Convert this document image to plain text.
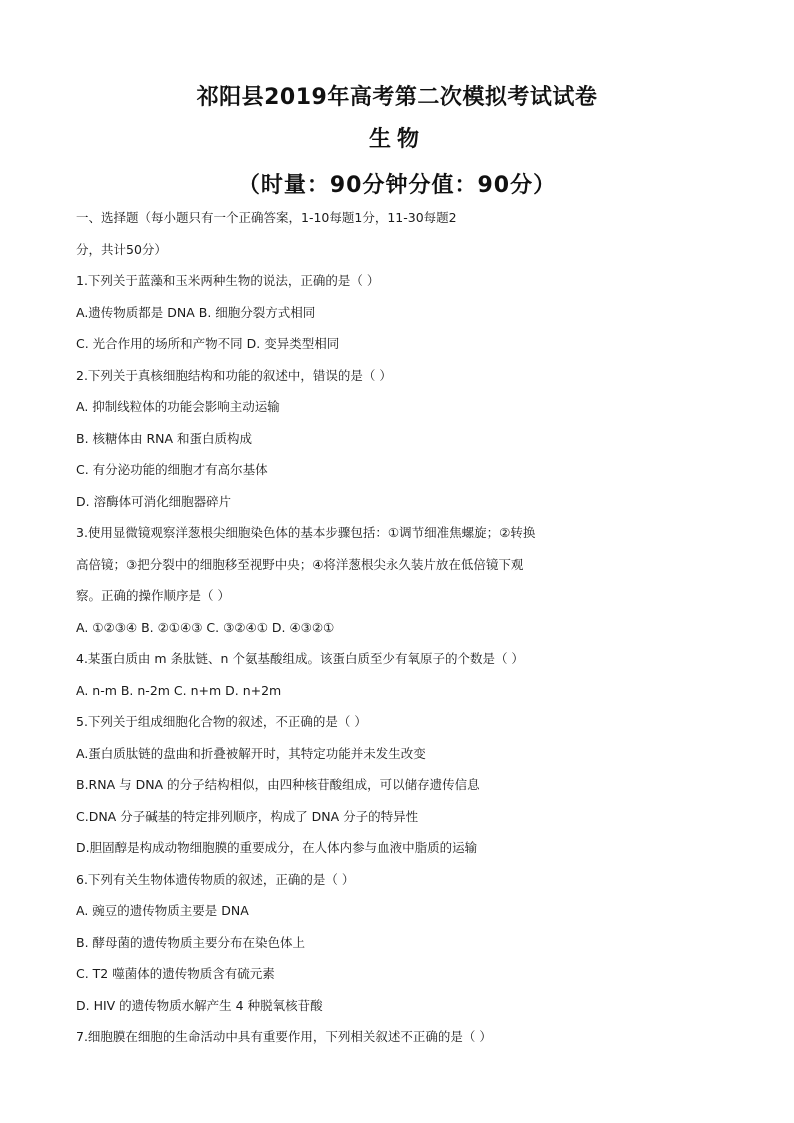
祁阳县2019年高考第二次模拟考试试卷
生物
（时量：90分钟分值：90分）
一、选择题（每小题只有一个正确答案，1-10每题1分，11-30每题2
分，共计50分）
1.下列关于蓝藻和玉米两种生物的说法，正确的是（ ）
A.遗传物质都是 DNA B. 细胞分裂方式相同
C. 光合作用的场所和产物不同 D. 变异类型相同
2.下列关于真核细胞结构和功能的叙述中，错误的是（ ）
A. 抑制线粒体的功能会影响主动运输
B. 核糖体由 RNA 和蛋白质构成
C. 有分泌功能的细胞才有高尔基体
D. 溶酶体可消化细胞器碎片
3.使用显微镜观察洋葱根尖细胞染色体的基本步骤包括：①调节细准焦螺旋；②转换
高倍镜；③把分裂中的细胞移至视野中央；④将洋葱根尖永久装片放在低倍镜下观
察。正确的操作顺序是（ ）
A. ①②③④ B. ②①④③ C. ③②④① D. ④③②①
4.某蛋白质由 m 条肽链、n 个氨基酸组成。该蛋白质至少有氧原子的个数是（ ）
A. n-m B. n-2m C. n+m D. n+2m
5.下列关于组成细胞化合物的叙述，不正确的是（ ）
A.蛋白质肽链的盘曲和折叠被解开时，其特定功能并未发生改变
B.RNA 与 DNA 的分子结构相似，由四种核苷酸组成，可以储存遗传信息
C.DNA 分子碱基的特定排列顺序，构成了 DNA 分子的特异性
D.胆固醇是构成动物细胞膜的重要成分，在人体内参与血液中脂质的运输
6.下列有关生物体遗传物质的叙述，正确的是（ ）
A. 豌豆的遗传物质主要是 DNA
B. 酵母菌的遗传物质主要分布在染色体上
C. T2 噬菌体的遗传物质含有硫元素
D. HIV 的遗传物质水解产生 4 种脱氧核苷酸
7.细胞膜在细胞的生命活动中具有重要作用，下列相关叙述不正确的是（ ）
